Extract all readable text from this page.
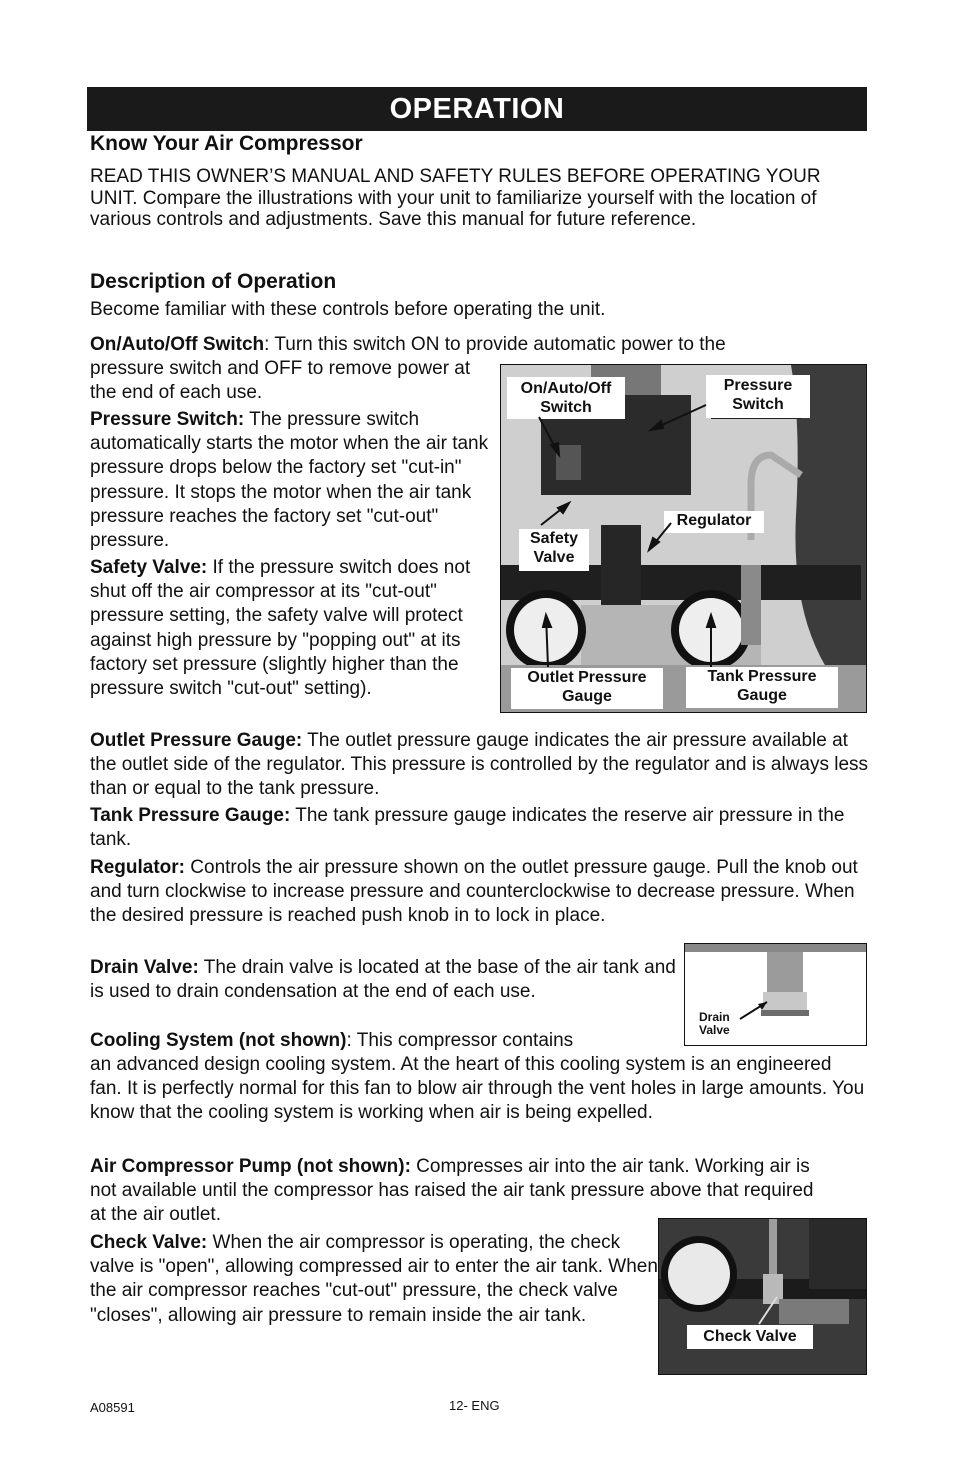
OPERATION
Know Your Air Compressor

READ THIS OWNER’S MANUAL AND SAFETY RULES BEFORE OPERATING YOUR UNIT. Compare the illustrations with your unit to familiarize yourself with the location of various controls and adjustments. Save this manual for future reference.

Description of Operation

Become familiar with these controls before operating the unit.

On/Auto/Off Switch: Turn this switch ON to provide automatic power to the

pressure switch and OFF to remove power at the end of each use.

Pressure Switch: The pressure switch automatically starts the motor when the air tank pressure drops below the factory set "cut-in" pressure. It stops the motor when the air tank pressure reaches the factory set "cut-out" pressure.

Safety Valve: If the pressure switch does not shut off the air compressor at its "cut-out" pressure setting, the safety valve will protect against high pressure by "popping out" at its factory set pressure (slightly higher than the pressure switch "cut-out" setting).

On/Auto/Off Switch
Pressure Switch
Regulator
Safety Valve
Outlet Pressure Gauge
Tank Pressure Gauge

Outlet Pressure Gauge: The outlet pressure gauge indicates the air pressure available at the outlet side of the regulator. This pressure is controlled by the regulator and is always less than or equal to the tank pressure.

Tank Pressure Gauge: The tank pressure gauge indicates the reserve air pressure in the tank.

Regulator: Controls the air pressure shown on the outlet pressure gauge. Pull the knob out and turn clockwise to increase pressure and counterclockwise to decrease pressure. When the desired pressure is reached push knob in to lock in place.

Drain Valve: The drain valve is located at the base of the air tank and is used to drain condensation at the end of each use.

Drain Valve

Cooling System (not shown): This compressor contains

an advanced design cooling system. At the heart of this cooling system is an engineered fan. It is perfectly normal for this fan to blow air through the vent holes in large amounts. You know that the cooling system is working when air is being expelled.

Air Compressor Pump (not shown): Compresses air into the air tank. Working air is not available until the compressor has raised the air tank pressure above that required at the air outlet.

Check Valve: When the air compressor is operating, the check valve is "open", allowing compressed air to enter the air tank. When the air compressor reaches "cut-out" pressure, the check valve "closes", allowing air pressure to remain inside the air tank.

Check Valve
A08591	12- ENG
